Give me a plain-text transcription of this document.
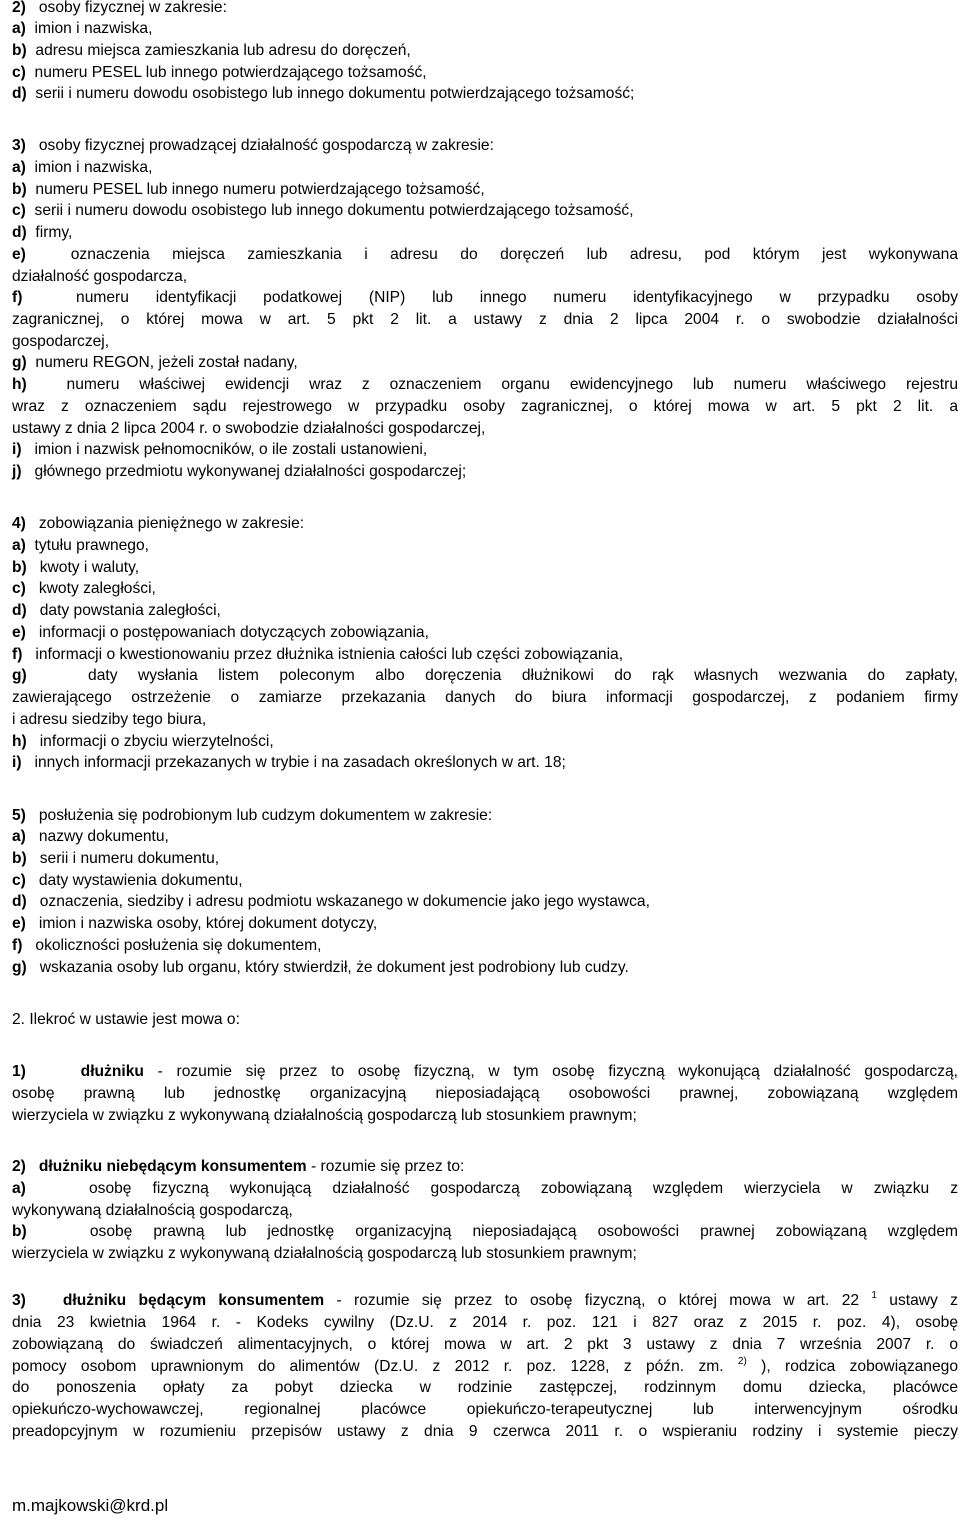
2) osoby fizycznej w zakresie:
a) imion i nazwiska,
b) adresu miejsca zamieszkania lub adresu do doręczeń,
c) numeru PESEL lub innego potwierdzającego tożsamość,
d) serii i numeru dowodu osobistego lub innego dokumentu potwierdzającego tożsamość;
3) osoby fizycznej prowadzącej działalność gospodarczą w zakresie:
a) imion i nazwiska,
b) numeru PESEL lub innego numeru potwierdzającego tożsamość,
c) serii i numeru dowodu osobistego lub innego dokumentu potwierdzającego tożsamość,
d) firmy,
e)	oznaczenia miejsca zamieszkania i adresu do doręczeń lub adresu, pod którym jest wykonywana
działalność gospodarcza,
f)	numeru identyfikacji podatkowej (NIP) lub innego numeru identyfikacyjnego w przypadku osoby
zagranicznej, o której mowa w art. 5 pkt 2 lit. a ustawy z dnia 2 lipca 2004 r. o swobodzie działalności
gospodarczej,
g) numeru REGON, jeżeli został nadany,
h)	numeru właściwej ewidencji wraz z oznaczeniem organu ewidencyjnego lub numeru właściwego rejestru
wraz z oznaczeniem sądu rejestrowego w przypadku osoby zagranicznej, o której mowa w art. 5 pkt 2 lit. a
ustawy z dnia 2 lipca 2004 r. o swobodzie działalności gospodarczej,
i) imion i nazwisk pełnomocników, o ile zostali ustanowieni,
j) głównego przedmiotu wykonywanej działalności gospodarczej;
4) zobowiązania pieniężnego w zakresie:
a) tytułu prawnego,
b) kwoty i waluty,
c) kwoty zaległości,
d) daty powstania zaległości,
e) informacji o postępowaniach dotyczących zobowiązania,
f) informacji o kwestionowaniu przez dłużnika istnienia całości lub części zobowiązania,
g)	daty wysłania listem poleconym albo doręczenia dłużnikowi do rąk własnych wezwania do zapłaty,
zawierającego ostrzeżenie o zamiarze przekazania danych do biura informacji gospodarczej, z podaniem firmy
i adresu siedziby tego biura,
h) informacji o zbyciu wierzytelności,
i) innych informacji przekazanych w trybie i na zasadach określonych w art. 18;
5) posłużenia się podrobionym lub cudzym dokumentem w zakresie:
a) nazwy dokumentu,
b) serii i numeru dokumentu,
c) daty wystawienia dokumentu,
d) oznaczenia, siedziby i adresu podmiotu wskazanego w dokumencie jako jego wystawca,
e) imion i nazwiska osoby, której dokument dotyczy,
f) okoliczności posłużenia się dokumentem,
g) wskazania osoby lub organu, który stwierdził, że dokument jest podrobiony lub cudzy.
2. Ilekroć w ustawie jest mowa o:
1)	dłużniku - rozumie się przez to osobę fizyczną, w tym osobę fizyczną wykonującą działalność gospodarczą,
osobę prawną lub jednostkę organizacyjną nieposiadającą osobowości prawnej, zobowiązaną względem
wierzyciela w związku z wykonywaną działalnością gospodarczą lub stosunkiem prawnym;
2) dłużniku niebędącym konsumentem - rozumie się przez to:
a)	osobę fizyczną wykonującą działalność gospodarczą zobowiązaną względem wierzyciela w związku z
wykonywaną działalnością gospodarczą,
b)	osobę prawną lub jednostkę organizacyjną nieposiadającą osobowości prawnej zobowiązaną względem
wierzyciela w związku z wykonywaną działalnością gospodarczą lub stosunkiem prawnym;
3) dłużniku będącym konsumentem - rozumie się przez to osobę fizyczną, o której mowa w art. 22 $^1$ ustawy z
dnia 23 kwietnia 1964 r. - Kodeks cywilny (Dz.U. z 2014 r. poz. 121 i 827 oraz z 2015 r. poz. 4), osobę
zobowiązaną do świadczeń alimentacyjnych, o której mowa w art. 2 pkt 3 ustawy z dnia 7 września 2007 r. o
pomocy osobom uprawnionym do alimentów (Dz.U. z 2012 r. poz. 1228, z późn. zm. $^{2)}$ ), rodzica zobowiązanego
do ponoszenia opłaty za pobyt dziecka w rodzinie zastępczej, rodzinnym domu dziecka, placówce
opiekuńczo-wychowawczej, regionalnej placówce opiekuńczo-terapeutycznej lub interwencyjnym ośrodku
preadopcyjnym w rozumieniu przepisów ustawy z dnia 9 czerwca 2011 r. o wspieraniu rodziny i systemie pieczy
m.majkowski@krd.pl
